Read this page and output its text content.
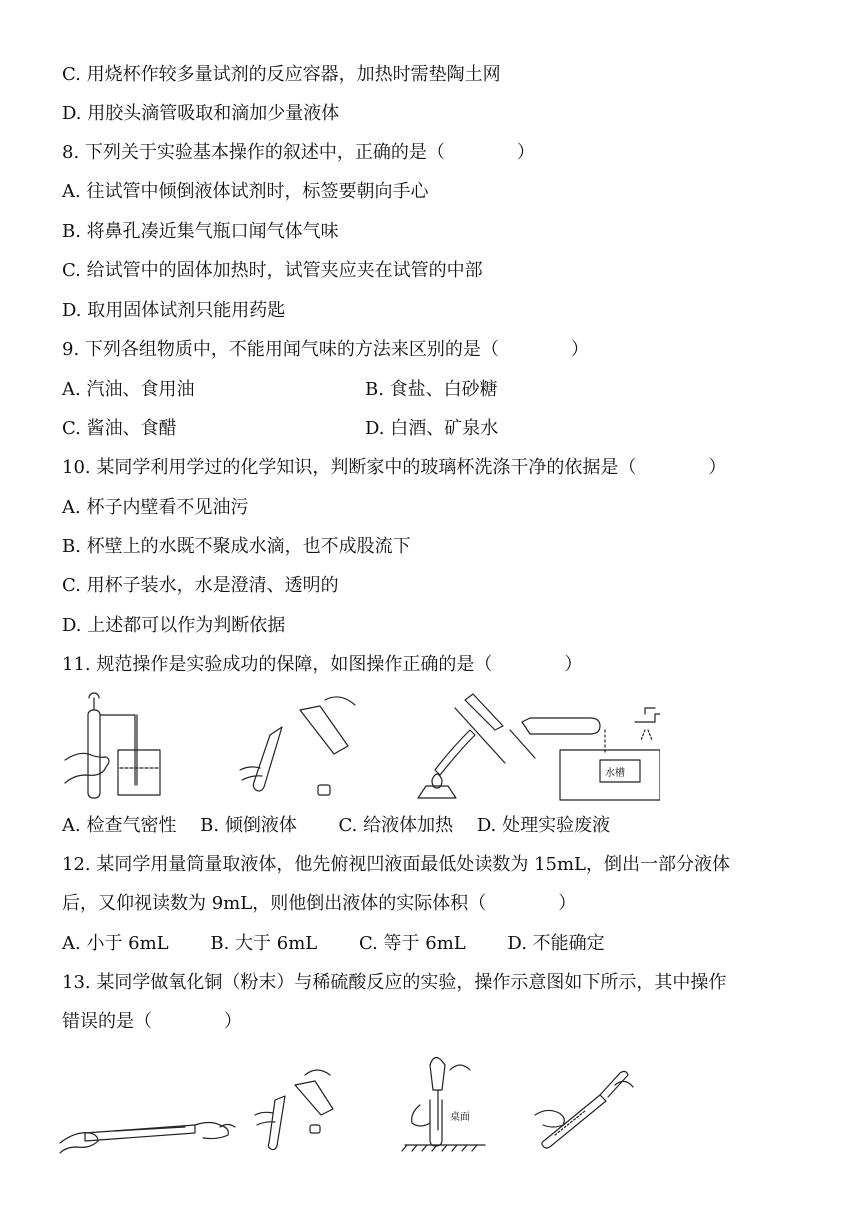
C. 用烧杯作较多量试剂的反应容器，加热时需垫陶土网
D. 用胶头滴管吸取和滴加少量液体
8. 下列关于实验基本操作的叙述中，正确的是（　　　　）
A. 往试管中倾倒液体试剂时，标签要朝向手心
B. 将鼻孔凑近集气瓶口闻气体气味
C. 给试管中的固体加热时，试管夹应夹在试管的中部
D. 取用固体试剂只能用药匙
9. 下列各组物质中，不能用闻气味的方法来区别的是（　　　　）
A. 汽油、食用油	B. 食盐、白砂糖
C. 酱油、食醋	D. 白酒、矿泉水
10. 某同学利用学过的化学知识，判断家中的玻璃杯洗涤干净的依据是（　　　　）
A. 杯子内壁看不见油污
B. 杯壁上的水既不聚成水滴，也不成股流下
C. 用杯子装水，水是澄清、透明的
D. 上述都可以作为判断依据
11. 规范操作是实验成功的保障，如图操作正确的是（　　　　）
水槽
A. 检查气密性　 B. 倾倒液体　　 C. 给液体加热　 D. 处理实验废液
12. 某同学用量筒量取液体，他先俯视凹液面最低处读数为 15mL，倒出一部分液体
后，又仰视读数为 9mL，则他倒出液体的实际体积（　　　　）
A. 小于 6mL　　 B. 大于 6mL　　 C. 等于 6mL　　 D. 不能确定
13. 某同学做氧化铜（粉末）与稀硫酸反应的实验，操作示意图如下所示，其中操作
错误的是（　　　　）
桌面
